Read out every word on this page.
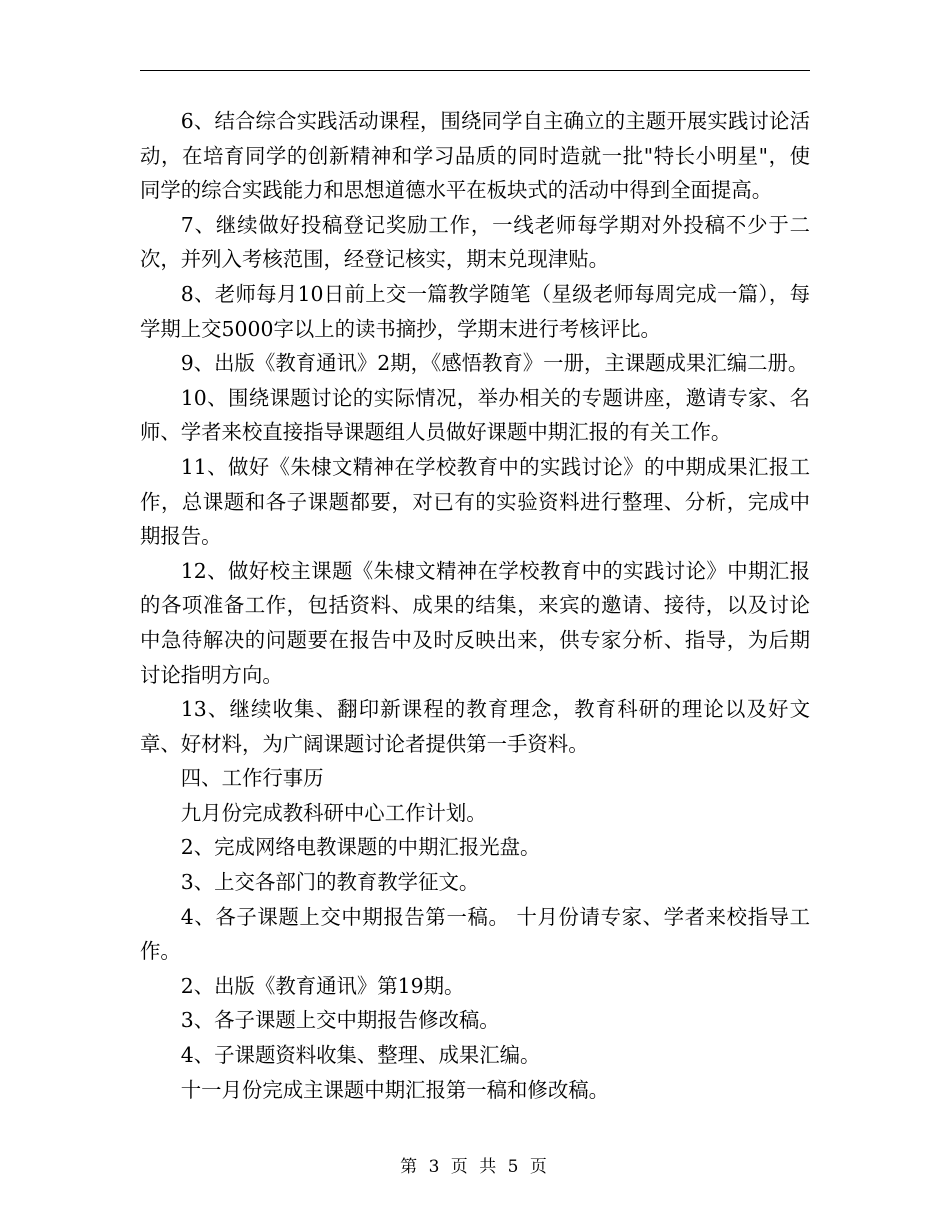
6、结合综合实践活动课程，围绕同学自主确立的主题开展实践讨论活动，在培育同学的创新精神和学习品质的同时造就一批"特长小明星"，使同学的综合实践能力和思想道德水平在板块式的活动中得到全面提高。

7、继续做好投稿登记奖励工作，一线老师每学期对外投稿不少于二次，并列入考核范围，经登记核实，期末兑现津贴。

8、老师每月10日前上交一篇教学随笔（星级老师每周完成一篇），每学期上交5000字以上的读书摘抄，学期末进行考核评比。

9、出版《教育通讯》2期，《感悟教育》一册，主课题成果汇编二册。

10、围绕课题讨论的实际情况，举办相关的专题讲座，邀请专家、名师、学者来校直接指导课题组人员做好课题中期汇报的有关工作。

11、做好《朱棣文精神在学校教育中的实践讨论》的中期成果汇报工作，总课题和各子课题都要，对已有的实验资料进行整理、分析，完成中期报告。

12、做好校主课题《朱棣文精神在学校教育中的实践讨论》中期汇报的各项准备工作，包括资料、成果的结集，来宾的邀请、接待，以及讨论中急待解决的问题要在报告中及时反映出来，供专家分析、指导，为后期讨论指明方向。

13、继续收集、翻印新课程的教育理念，教育科研的理论以及好文章、好材料，为广阔课题讨论者提供第一手资料。

四、工作行事历

九月份完成教科研中心工作计划。

2、完成网络电教课题的中期汇报光盘。

3、上交各部门的教育教学征文。

4、各子课题上交中期报告第一稿。 十月份请专家、学者来校指导工作。

2、出版《教育通讯》第19期。

3、各子课题上交中期报告修改稿。

4、子课题资料收集、整理、成果汇编。

十一月份完成主课题中期汇报第一稿和修改稿。

第 3 页 共 5 页
